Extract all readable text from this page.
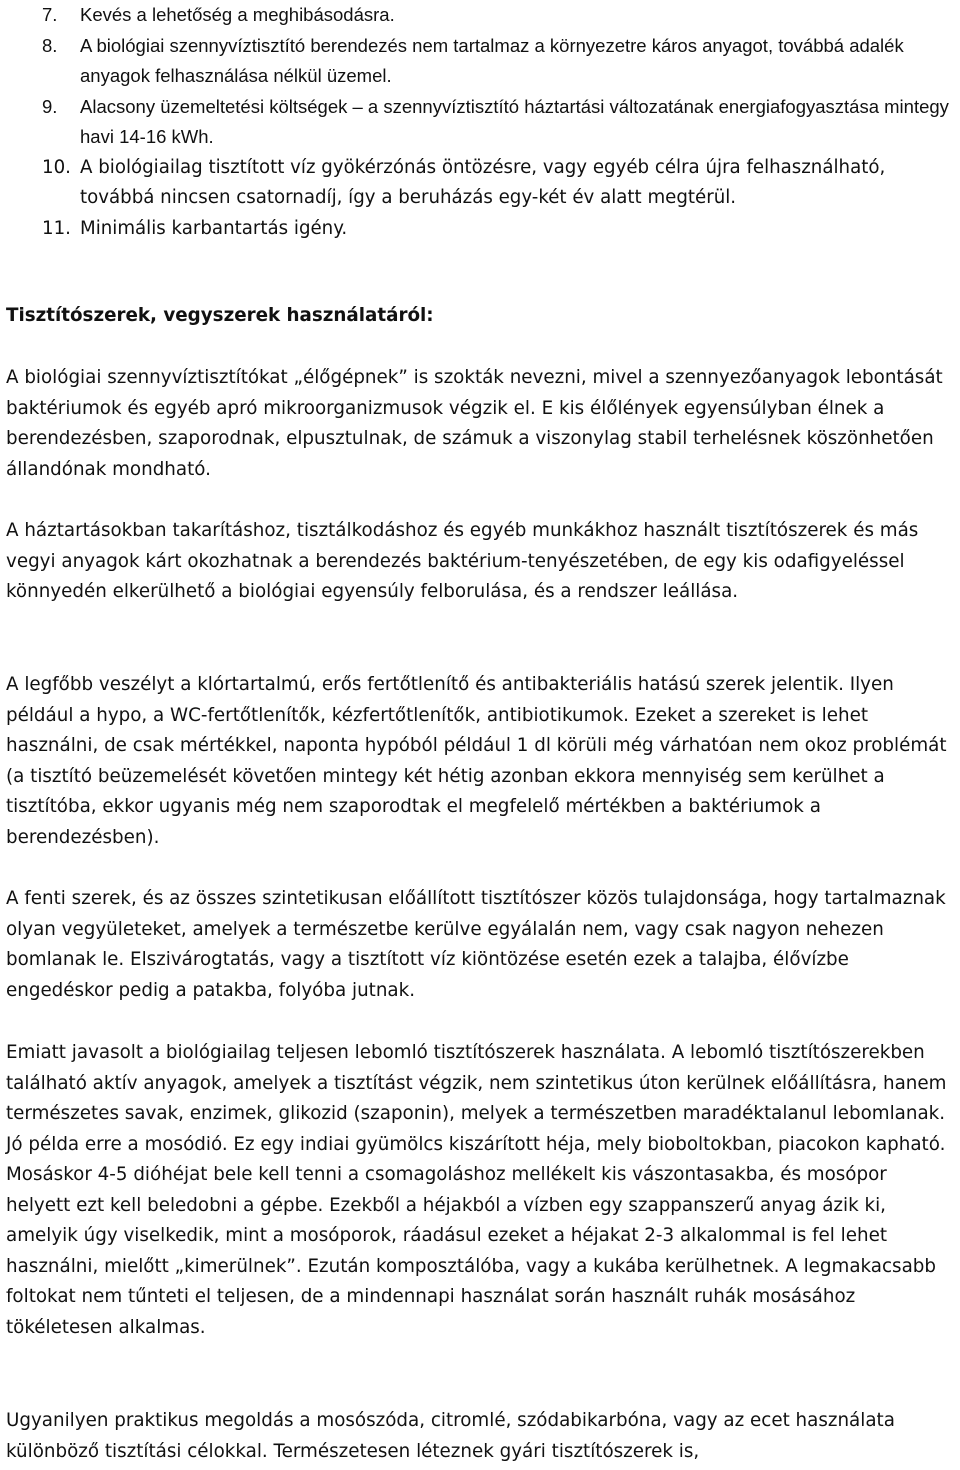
7.	Kevés a lehetőség a meghibásodásra.
8.	A biológiai szennyvíztisztító berendezés nem tartalmaz a környezetre káros anyagot, továbbá adalék anyagok felhasználása nélkül üzemel.
9.	Alacsony üzemeltetési költségek – a szennyvíztisztító háztartási változatának energiafogyasztása mintegy havi 14-16 kWh.
10. A biológiailag tisztított víz gyökérzónás öntözésre, vagy egyéb célra újra felhasználható, továbbá nincsen csatornadíj, így a beruházás egy-két év alatt megtérül.
11. Minimális karbantartás igény.
Tisztítószerek, vegyszerek használatáról:

A biológiai szennyvíztisztítókat „élőgépnek” is szokták nevezni, mivel a szennyezőanyagok lebontását baktériumok és egyéb apró mikroorganizmusok végzik el. E kis élőlények egyensúlyban élnek a berendezésben, szaporodnak, elpusztulnak, de számuk a viszonylag stabil terhelésnek köszönhetően állandónak mondható.

A háztartásokban takarításhoz, tisztálkodáshoz és egyéb munkákhoz használt tisztítószerek és más vegyi anyagok kárt okozhatnak a berendezés baktérium-tenyészetében, de egy kis odafigyeléssel könnyedén elkerülhető a biológiai egyensúly felborulása, és a rendszer leállása.

A legfőbb veszélyt a klórtartalmú, erős fertőtlenítő és antibakteriális hatású szerek jelentik. Ilyen például a hypo, a WC-fertőtlenítők, kézfertőtlenítők, antibiotikumok. Ezeket a szereket is lehet használni, de csak mértékkel, naponta hypóból például 1 dl körüli még várhatóan nem okoz problémát (a tisztító beüzemelését követően mintegy két hétig azonban ekkora mennyiség sem kerülhet a tisztítóba, ekkor ugyanis még nem szaporodtak el megfelelő mértékben a baktériumok a berendezésben).

A fenti szerek, és az összes szintetikusan előállított tisztítószer közös tulajdonsága, hogy tartalmaznak olyan vegyületeket, amelyek a természetbe kerülve egyálalán nem, vagy csak nagyon nehezen bomlanak le. Elszivárogtatás, vagy a tisztított víz kiöntözése esetén ezek a talajba, élővízbe engedéskor pedig a patakba, folyóba jutnak.

Emiatt javasolt a biológiailag teljesen lebomló tisztítószerek használata. A lebomló tisztítószerekben található aktív anyagok, amelyek a tisztítást végzik, nem szintetikus úton kerülnek előállításra, hanem természetes savak, enzimek, glikozid (szaponin), melyek a természetben maradéktalanul lebomlanak. Jó példa erre a mosódió. Ez egy indiai gyümölcs kiszárított héja, mely bioboltokban, piacokon kapható. Mosáskor 4-5 dióhéjat bele kell tenni a csomagoláshoz mellékelt kis vászontasakba, és mosópor helyett ezt kell beledobni a gépbe. Ezekből a héjakból a vízben egy szappanszerű anyag ázik ki, amelyik úgy viselkedik, mint a mosóporok, ráadásul ezeket a héjakat 2-3 alkalommal is fel lehet használni, mielőtt „kimerülnek”. Ezután komposztálóba, vagy a kukába kerülhetnek. A legmakacsabb foltokat nem tűnteti el teljesen, de a mindennapi használat során használt ruhák mosásához tökéletesen alkalmas.

Ugyanilyen praktikus megoldás a mosószóda, citromlé, szódabikarbóna, vagy az ecet használata különböző tisztítási célokkal. Természetesen léteznek gyári tisztítószerek is,
